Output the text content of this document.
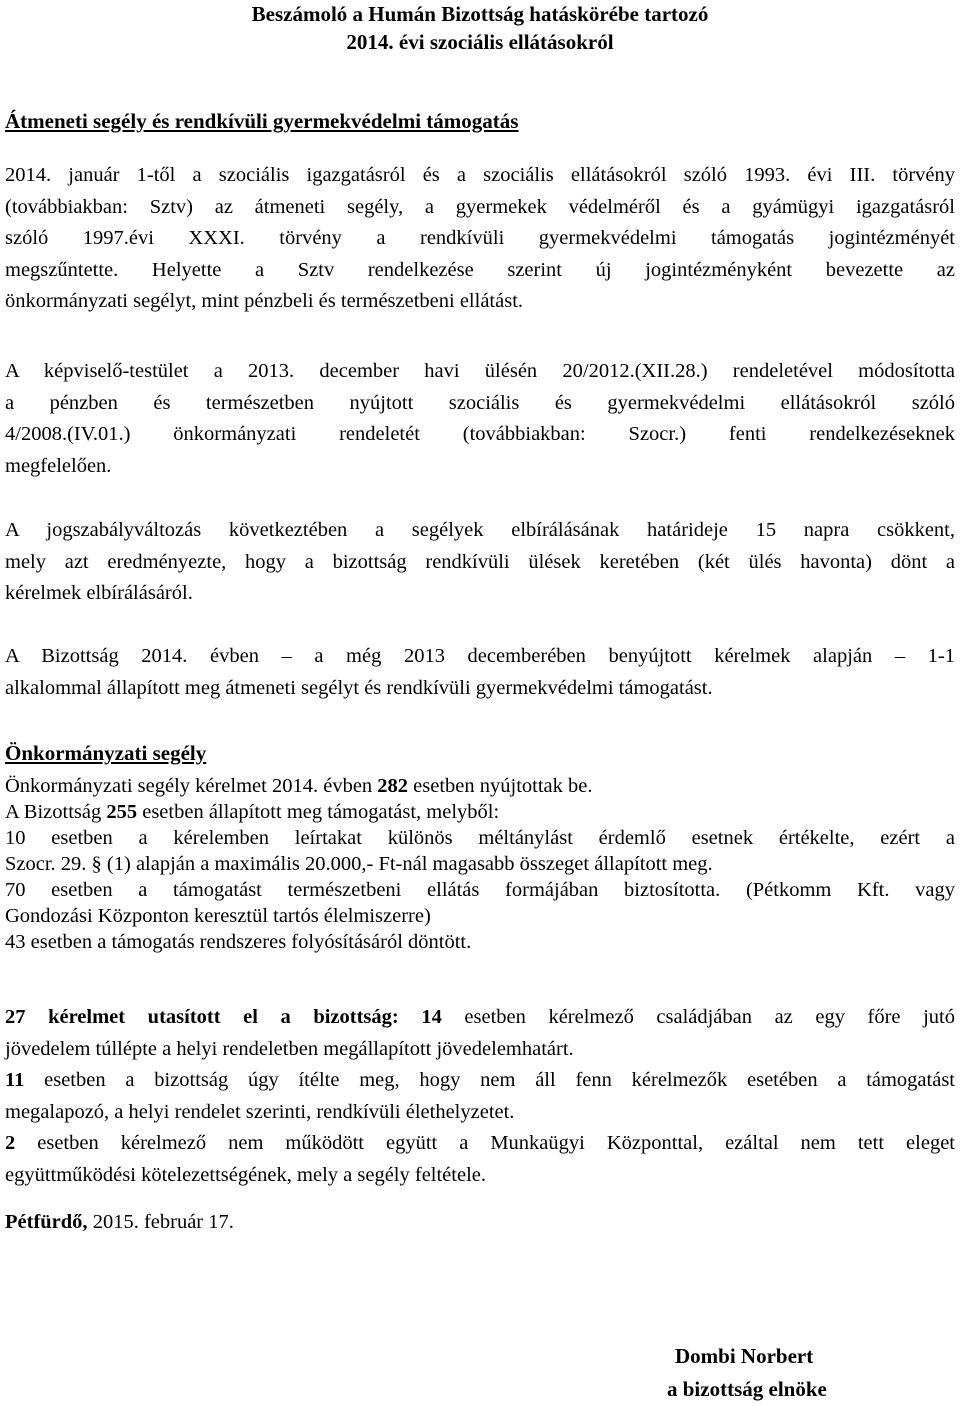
Beszámoló a Humán Bizottság hatáskörébe tartozó
2014. évi szociális ellátásokról
Átmeneti segély és rendkívüli gyermekvédelmi támogatás
2014. január 1-től a szociális igazgatásról és a szociális ellátásokról szóló 1993. évi III. törvény
(továbbiakban: Sztv) az átmeneti segély, a gyermekek védelméről és a gyámügyi igazgatásról
szóló 1997.évi XXXI. törvény a rendkívüli gyermekvédelmi támogatás jogintézményét
megszűntette. Helyette a Sztv rendelkezése szerint új jogintézményként bevezette az
önkormányzati segélyt, mint pénzbeli és természetbeni ellátást.
A képviselő-testület a 2013. december havi ülésén 20/2012.(XII.28.) rendeletével módosította
a pénzben és természetben nyújtott szociális és gyermekvédelmi ellátásokról szóló
4/2008.(IV.01.) önkormányzati rendeletét (továbbiakban: Szocr.) fenti rendelkezéseknek
megfelelően.
A jogszabályváltozás következtében a segélyek elbírálásának határideje 15 napra csökkent,
mely azt eredményezte, hogy a bizottság rendkívüli ülések keretében (két ülés havonta) dönt a
kérelmek elbírálásáról.
A Bizottság 2014. évben – a még 2013 decemberében benyújtott kérelmek alapján – 1-1
alkalommal állapított meg átmeneti segélyt és rendkívüli gyermekvédelmi támogatást.
Önkormányzati segély
Önkormányzati segély kérelmet 2014. évben 282 esetben nyújtottak be.
A Bizottság 255 esetben állapított meg támogatást, melyből:
10 esetben a kérelemben leírtakat különös méltánylást érdemlő esetnek értékelte, ezért a
Szocr. 29. § (1) alapján a maximális 20.000,- Ft-nál magasabb összeget állapított meg.
70 esetben a támogatást természetbeni ellátás formájában biztosította. (Pétkomm Kft. vagy
Gondozási Központon keresztül tartós élelmiszerre)
43 esetben a támogatás rendszeres folyósításáról döntött.
27 kérelmet utasított el a bizottság: 14 esetben kérelmező családjában az egy főre jutó
jövedelem túllépte a helyi rendeletben megállapított jövedelemhatárt.
11 esetben a bizottság úgy ítélte meg, hogy nem áll fenn kérelmezők esetében a támogatást
megalapozó, a helyi rendelet szerinti, rendkívüli élethelyzetet.
2 esetben kérelmező nem működött együtt a Munkaügyi Központtal, ezáltal nem tett eleget
együttműködési kötelezettségének, mely a segély feltétele.
Pétfürdő, 2015. február 17.
Dombi Norbert
a bizottság elnöke
